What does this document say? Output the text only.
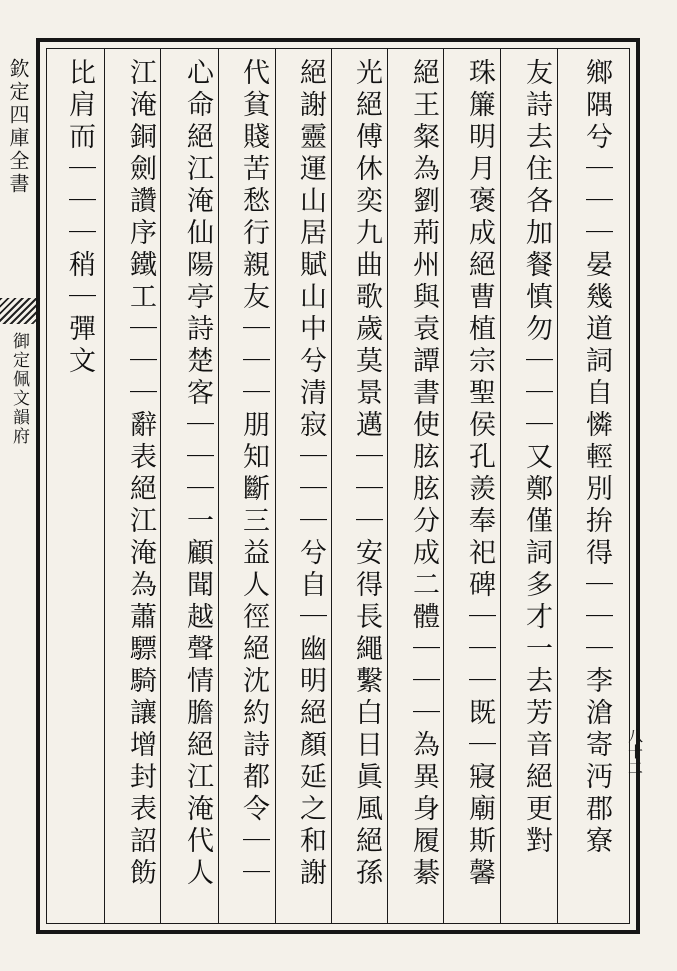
欽定四庫全書
御定佩文韻府
八十二
鄉隅兮｜｜｜晏幾道詞自憐輕別拚得｜｜｜李滄寄沔郡寮
友詩去住各加餐慎勿｜｜｜又鄭僅詞多才一去芳音絕更對
珠簾明月褒成絕曹植宗聖侯孔羨奉祀碑｜｜｜既｜寢廟斯馨
絕王粲為劉荊州與袁譚書使胘胘分成二體｜｜｜為異身履綦
光絕傅休奕九曲歌歲莫景邁｜｜｜安得長繩繫白日眞風絕孫
絕謝靈運山居賦山中兮清寂｜｜｜兮自｜幽明絕顏延之和謝
代貧賤苦愁行親友｜｜｜朋知斷三益人徑絕沈約詩都令｜｜
心命絕江淹仙陽亭詩楚客｜｜｜一顧聞越聲情膽絕江淹代人
江淹銅劍讚序鐵工｜｜｜辭表絕江淹為蕭驃騎讓增封表詔飭
比肩而｜｜｜稍｜彈文
